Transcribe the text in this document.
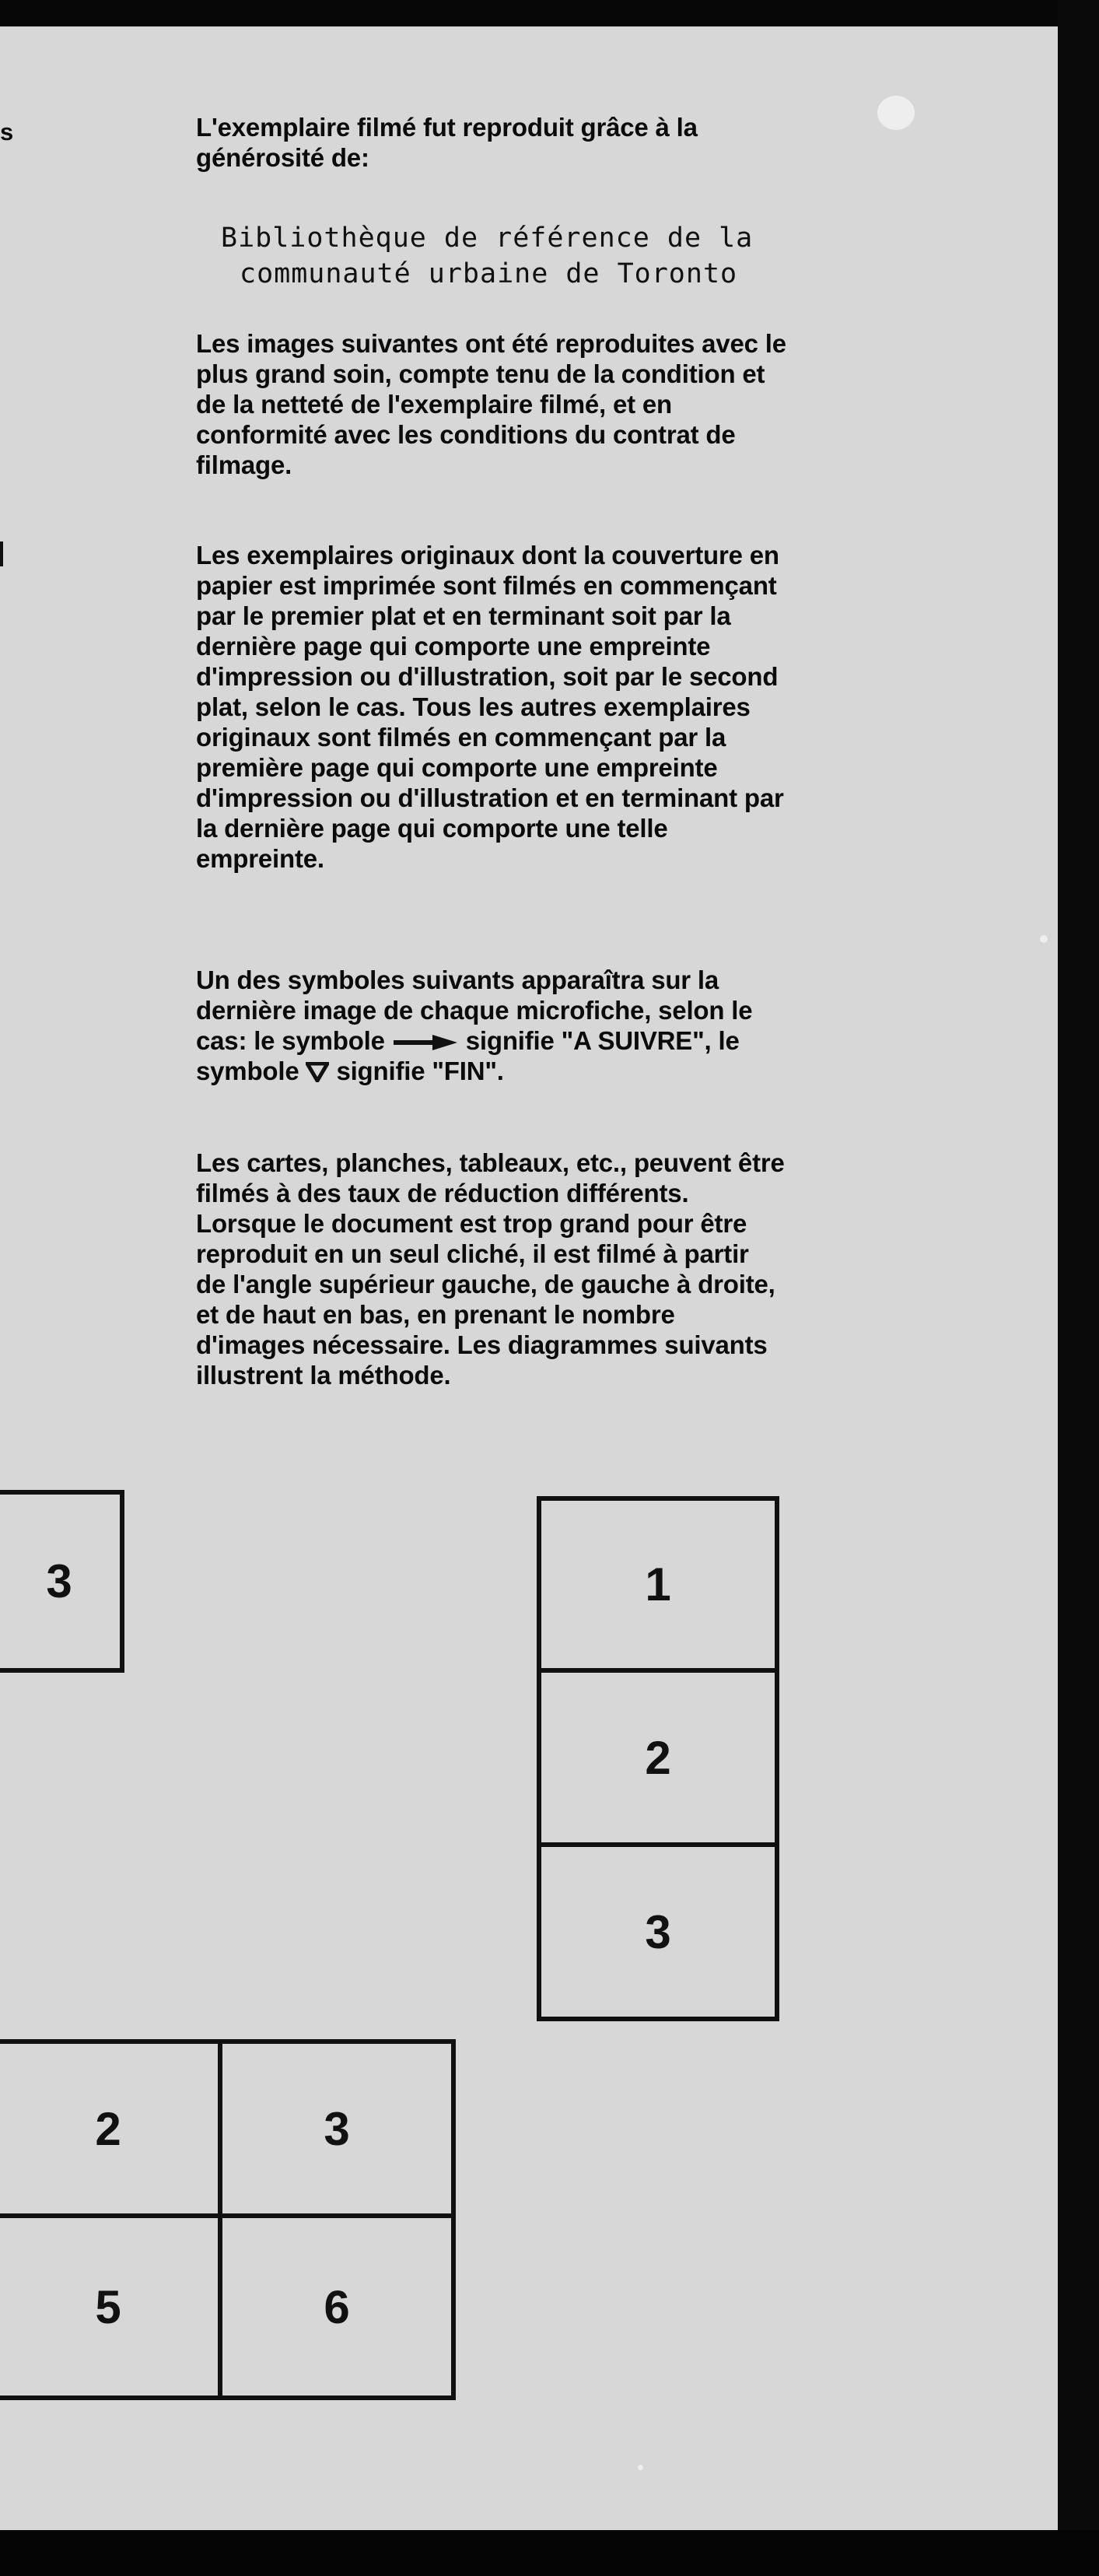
s	L'exemplaire filmé fut reproduit grâce à la
générosité de:
Bibliothèque de référence de la
communauté urbaine de Toronto
Les images suivantes ont été reproduites avec le
plus grand soin, compte tenu de la condition et
de la netteté de l'exemplaire filmé, et en
conformité avec les conditions du contrat de
filmage.
Les exemplaires originaux dont la couverture en
papier est imprimée sont filmés en commençant
par le premier plat et en terminant soit par la
dernière page qui comporte une empreinte
d'impression ou d'illustration, soit par le second
plat, selon le cas. Tous les autres exemplaires
originaux sont filmés en commençant par la
première page qui comporte une empreinte
d'impression ou d'illustration et en terminant par
la dernière page qui comporte une telle
empreinte.
Un des symboles suivants apparaîtra sur la
dernière image de chaque microfiche, selon le
cas: le symbole	signifie "A SUIVRE", le
symbole signifie "FIN".
Les cartes, planches, tableaux, etc., peuvent être
filmés à des taux de réduction différents.
Lorsque le document est trop grand pour être
reproduit en un seul cliché, il est filmé à partir
de l'angle supérieur gauche, de gauche à droite,
et de haut en bas, en prenant le nombre
d'images nécessaire. Les diagrammes suivants
illustrent la méthode.
3	1
2
3
2	3
5	6
